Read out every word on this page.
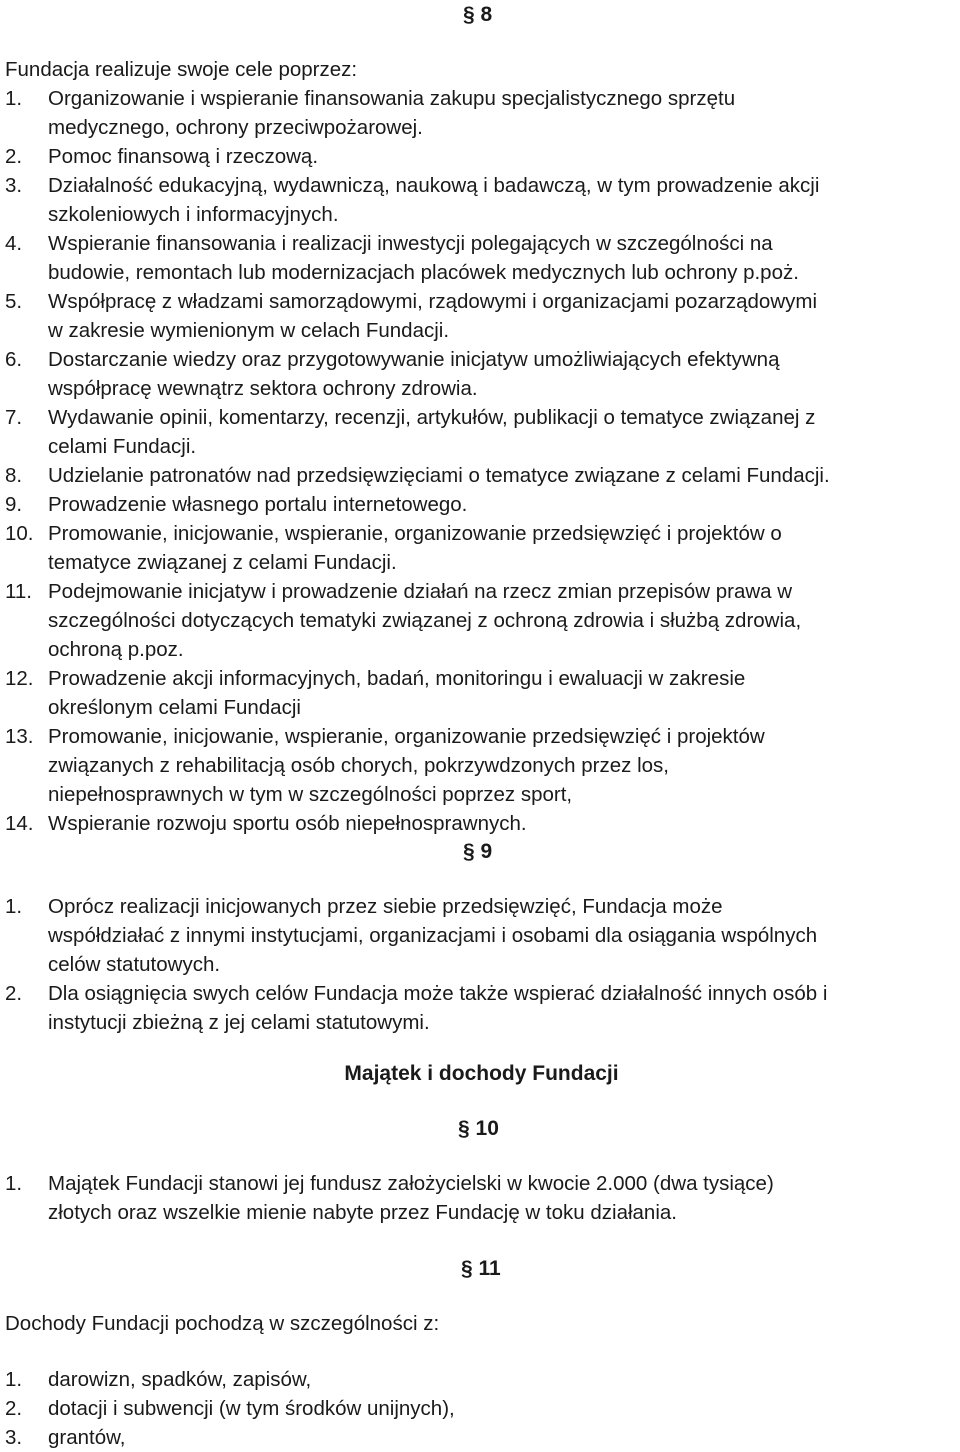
§ 8

Fundacja realizuje swoje cele poprzez:

1.	Organizowanie i wspieranie finansowania zakupu specjalistycznego sprzętu
medycznego, ochrony przeciwpożarowej.
2.	Pomoc finansową i rzeczową.
3.	Działalność edukacyjną, wydawniczą, naukową i badawczą, w tym prowadzenie akcji
szkoleniowych i informacyjnych.
4.	Wspieranie finansowania i realizacji inwestycji polegających w szczególności na
budowie, remontach lub modernizacjach placówek medycznych lub ochrony p.poż.
5.	Współpracę z władzami samorządowymi, rządowymi i organizacjami pozarządowymi
w zakresie wymienionym w celach Fundacji.
6.	Dostarczanie wiedzy oraz przygotowywanie inicjatyw umożliwiających efektywną
współpracę wewnątrz sektora ochrony zdrowia.
7.	Wydawanie opinii, komentarzy, recenzji, artykułów, publikacji o tematyce związanej z
celami Fundacji.
8.	Udzielanie patronatów nad przedsięwzięciami o tematyce związane z celami Fundacji.
9.	Prowadzenie własnego portalu internetowego.
10. Promowanie, inicjowanie, wspieranie, organizowanie przedsięwzięć i projektów o
tematyce związanej z celami Fundacji.
11. Podejmowanie inicjatyw i prowadzenie działań na rzecz zmian przepisów prawa w
szczególności dotyczących tematyki związanej z ochroną zdrowia i służbą zdrowia,
ochroną p.poz.
12. Prowadzenie akcji informacyjnych, badań, monitoringu i ewaluacji w zakresie
określonym celami Fundacji
13. Promowanie, inicjowanie, wspieranie, organizowanie przedsięwzięć i projektów
związanych z rehabilitacją osób chorych, pokrzywdzonych przez los,
niepełnosprawnych w tym w szczególności poprzez sport,
14. Wspieranie rozwoju sportu osób niepełnosprawnych.
§ 9
1.	Oprócz realizacji inicjowanych przez siebie przedsięwzięć, Fundacja może
współdziałać z innymi instytucjami, organizacjami i osobami dla osiągania wspólnych
celów statutowych.
2.	Dla osiągnięcia swych celów Fundacja może także wspierać działalność innych osób i
instytucji zbieżną z jej celami statutowymi.
Majątek i dochody Fundacji
§ 10
1.	Majątek Fundacji stanowi jej fundusz założycielski w kwocie 2.000 (dwa tysiące)
złotych oraz wszelkie mienie nabyte przez Fundację w toku działania.
§ 11

Dochody Fundacji pochodzą w szczególności z:

1.	darowizn, spadków, zapisów,
2.	dotacji i subwencji (w tym środków unijnych),
3.	grantów,
